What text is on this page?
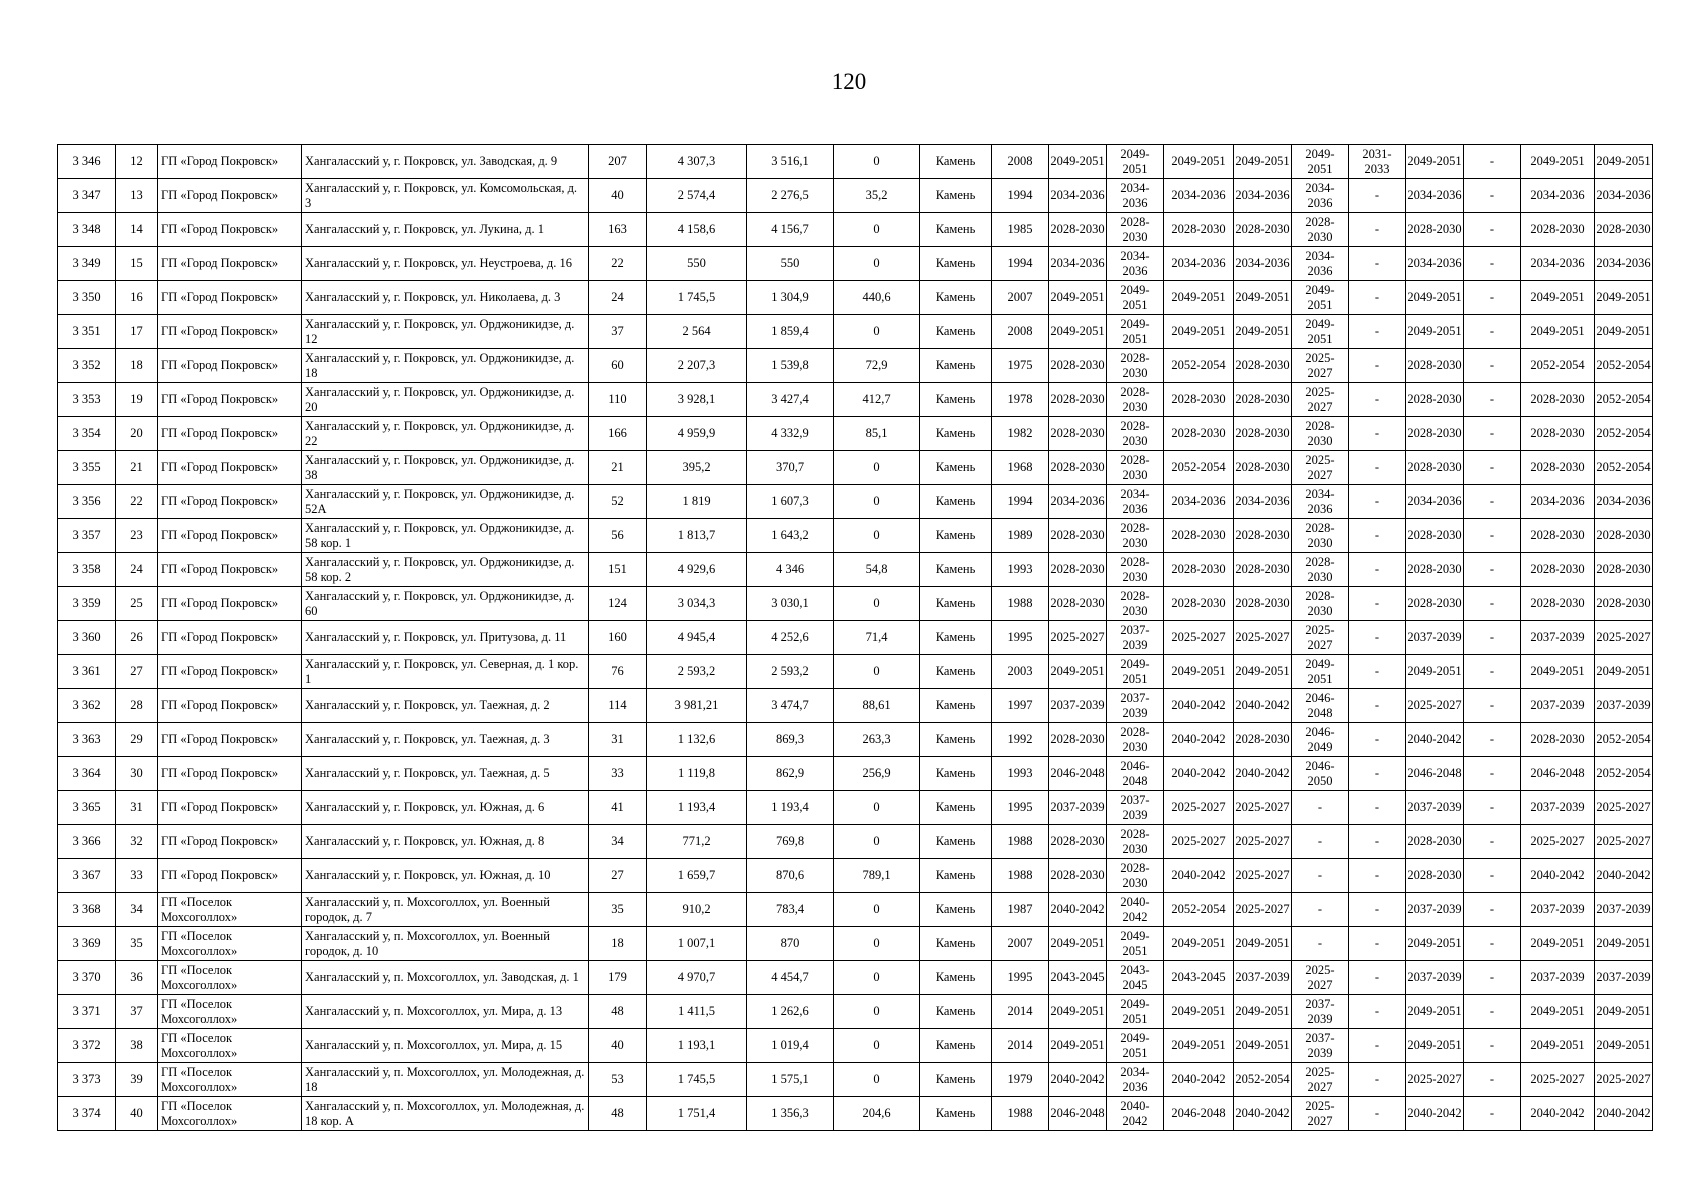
120
3 346	12	ГП «Город Покровск»	Хангаласский у, г. Покровск, ул. Заводская, д. 9	207	4 307,3	3 516,1	0	Камень	2008	2049-2051	2049-2051	2049-2051	2049-2051	2049-2051	2031-2033	2049-2051	-	2049-2051	2049-2051
3 347	13	ГП «Город Покровск»	Хангаласский у, г. Покровск, ул. Комсомольская, д. 3	40	2 574,4	2 276,5	35,2	Камень	1994	2034-2036	2034-2036	2034-2036	2034-2036	2034-2036	-	2034-2036	-	2034-2036	2034-2036
3 348	14	ГП «Город Покровск»	Хангаласский у, г. Покровск, ул. Лукина, д. 1	163	4 158,6	4 156,7	0	Камень	1985	2028-2030	2028-2030	2028-2030	2028-2030	2028-2030	-	2028-2030	-	2028-2030	2028-2030
3 349	15	ГП «Город Покровск»	Хангаласский у, г. Покровск, ул. Неустроева, д. 16	22	550	550	0	Камень	1994	2034-2036	2034-2036	2034-2036	2034-2036	2034-2036	-	2034-2036	-	2034-2036	2034-2036
3 350	16	ГП «Город Покровск»	Хангаласский у, г. Покровск, ул. Николаева, д. 3	24	1 745,5	1 304,9	440,6	Камень	2007	2049-2051	2049-2051	2049-2051	2049-2051	2049-2051	-	2049-2051	-	2049-2051	2049-2051
3 351	17	ГП «Город Покровск»	Хангаласский у, г. Покровск, ул. Орджоникидзе, д. 12	37	2 564	1 859,4	0	Камень	2008	2049-2051	2049-2051	2049-2051	2049-2051	2049-2051	-	2049-2051	-	2049-2051	2049-2051
3 352	18	ГП «Город Покровск»	Хангаласский у, г. Покровск, ул. Орджоникидзе, д. 18	60	2 207,3	1 539,8	72,9	Камень	1975	2028-2030	2028-2030	2052-2054	2028-2030	2025-2027	-	2028-2030	-	2052-2054	2052-2054
3 353	19	ГП «Город Покровск»	Хангаласский у, г. Покровск, ул. Орджоникидзе, д. 20	110	3 928,1	3 427,4	412,7	Камень	1978	2028-2030	2028-2030	2028-2030	2028-2030	2025-2027	-	2028-2030	-	2028-2030	2052-2054
3 354	20	ГП «Город Покровск»	Хангаласский у, г. Покровск, ул. Орджоникидзе, д. 22	166	4 959,9	4 332,9	85,1	Камень	1982	2028-2030	2028-2030	2028-2030	2028-2030	2028-2030	-	2028-2030	-	2028-2030	2052-2054
3 355	21	ГП «Город Покровск»	Хангаласский у, г. Покровск, ул. Орджоникидзе, д. 38	21	395,2	370,7	0	Камень	1968	2028-2030	2028-2030	2052-2054	2028-2030	2025-2027	-	2028-2030	-	2028-2030	2052-2054
3 356	22	ГП «Город Покровск»	Хангаласский у, г. Покровск, ул. Орджоникидзе, д. 52А	52	1 819	1 607,3	0	Камень	1994	2034-2036	2034-2036	2034-2036	2034-2036	2034-2036	-	2034-2036	-	2034-2036	2034-2036
3 357	23	ГП «Город Покровск»	Хангаласский у, г. Покровск, ул. Орджоникидзе, д. 58 кор. 1	56	1 813,7	1 643,2	0	Камень	1989	2028-2030	2028-2030	2028-2030	2028-2030	2028-2030	-	2028-2030	-	2028-2030	2028-2030
3 358	24	ГП «Город Покровск»	Хангаласский у, г. Покровск, ул. Орджоникидзе, д. 58 кор. 2	151	4 929,6	4 346	54,8	Камень	1993	2028-2030	2028-2030	2028-2030	2028-2030	2028-2030	-	2028-2030	-	2028-2030	2028-2030
3 359	25	ГП «Город Покровск»	Хангаласский у, г. Покровск, ул. Орджоникидзе, д. 60	124	3 034,3	3 030,1	0	Камень	1988	2028-2030	2028-2030	2028-2030	2028-2030	2028-2030	-	2028-2030	-	2028-2030	2028-2030
3 360	26	ГП «Город Покровск»	Хангаласский у, г. Покровск, ул. Притузова, д. 11	160	4 945,4	4 252,6	71,4	Камень	1995	2025-2027	2037-2039	2025-2027	2025-2027	2025-2027	-	2037-2039	-	2037-2039	2025-2027
3 361	27	ГП «Город Покровск»	Хангаласский у, г. Покровск, ул. Северная, д. 1 кор. 1	76	2 593,2	2 593,2	0	Камень	2003	2049-2051	2049-2051	2049-2051	2049-2051	2049-2051	-	2049-2051	-	2049-2051	2049-2051
3 362	28	ГП «Город Покровск»	Хангаласский у, г. Покровск, ул. Таежная, д. 2	114	3 981,21	3 474,7	88,61	Камень	1997	2037-2039	2037-2039	2040-2042	2040-2042	2046-2048	-	2025-2027	-	2037-2039	2037-2039
3 363	29	ГП «Город Покровск»	Хангаласский у, г. Покровск, ул. Таежная, д. 3	31	1 132,6	869,3	263,3	Камень	1992	2028-2030	2028-2030	2040-2042	2028-2030	2046-2049	-	2040-2042	-	2028-2030	2052-2054
3 364	30	ГП «Город Покровск»	Хангаласский у, г. Покровск, ул. Таежная, д. 5	33	1 119,8	862,9	256,9	Камень	1993	2046-2048	2046-2048	2040-2042	2040-2042	2046-2050	-	2046-2048	-	2046-2048	2052-2054
3 365	31	ГП «Город Покровск»	Хангаласский у, г. Покровск, ул. Южная, д. 6	41	1 193,4	1 193,4	0	Камень	1995	2037-2039	2037-2039	2025-2027	2025-2027	-	-	2037-2039	-	2037-2039	2025-2027
3 366	32	ГП «Город Покровск»	Хангаласский у, г. Покровск, ул. Южная, д. 8	34	771,2	769,8	0	Камень	1988	2028-2030	2028-2030	2025-2027	2025-2027	-	-	2028-2030	-	2025-2027	2025-2027
3 367	33	ГП «Город Покровск»	Хангаласский у, г. Покровск, ул. Южная, д. 10	27	1 659,7	870,6	789,1	Камень	1988	2028-2030	2028-2030	2040-2042	2025-2027	-	-	2028-2030	-	2040-2042	2040-2042
3 368	34	ГП «Поселок Мохсоголлох»	Хангаласский у, п. Мохсоголлох, ул. Военный городок, д. 7	35	910,2	783,4	0	Камень	1987	2040-2042	2040-2042	2052-2054	2025-2027	-	-	2037-2039	-	2037-2039	2037-2039
3 369	35	ГП «Поселок Мохсоголлох»	Хангаласский у, п. Мохсоголлох, ул. Военный городок, д. 10	18	1 007,1	870	0	Камень	2007	2049-2051	2049-2051	2049-2051	2049-2051	-	-	2049-2051	-	2049-2051	2049-2051
3 370	36	ГП «Поселок Мохсоголлох»	Хангаласский у, п. Мохсоголлох, ул. Заводская, д. 1	179	4 970,7	4 454,7	0	Камень	1995	2043-2045	2043-2045	2043-2045	2037-2039	2025-2027	-	2037-2039	-	2037-2039	2037-2039
3 371	37	ГП «Поселок Мохсоголлох»	Хангаласский у, п. Мохсоголлох, ул. Мира, д. 13	48	1 411,5	1 262,6	0	Камень	2014	2049-2051	2049-2051	2049-2051	2049-2051	2037-2039	-	2049-2051	-	2049-2051	2049-2051
3 372	38	ГП «Поселок Мохсоголлох»	Хангаласский у, п. Мохсоголлох, ул. Мира, д. 15	40	1 193,1	1 019,4	0	Камень	2014	2049-2051	2049-2051	2049-2051	2049-2051	2037-2039	-	2049-2051	-	2049-2051	2049-2051
3 373	39	ГП «Поселок Мохсоголлох»	Хангаласский у, п. Мохсоголлох, ул. Молодежная, д. 18	53	1 745,5	1 575,1	0	Камень	1979	2040-2042	2034-2036	2040-2042	2052-2054	2025-2027	-	2025-2027	-	2025-2027	2025-2027
3 374	40	ГП «Поселок Мохсоголлох»	Хангаласский у, п. Мохсоголлох, ул. Молодежная, д. 18 кор. А	48	1 751,4	1 356,3	204,6	Камень	1988	2046-2048	2040-2042	2046-2048	2040-2042	2025-2027	-	2040-2042	-	2040-2042	2040-2042
